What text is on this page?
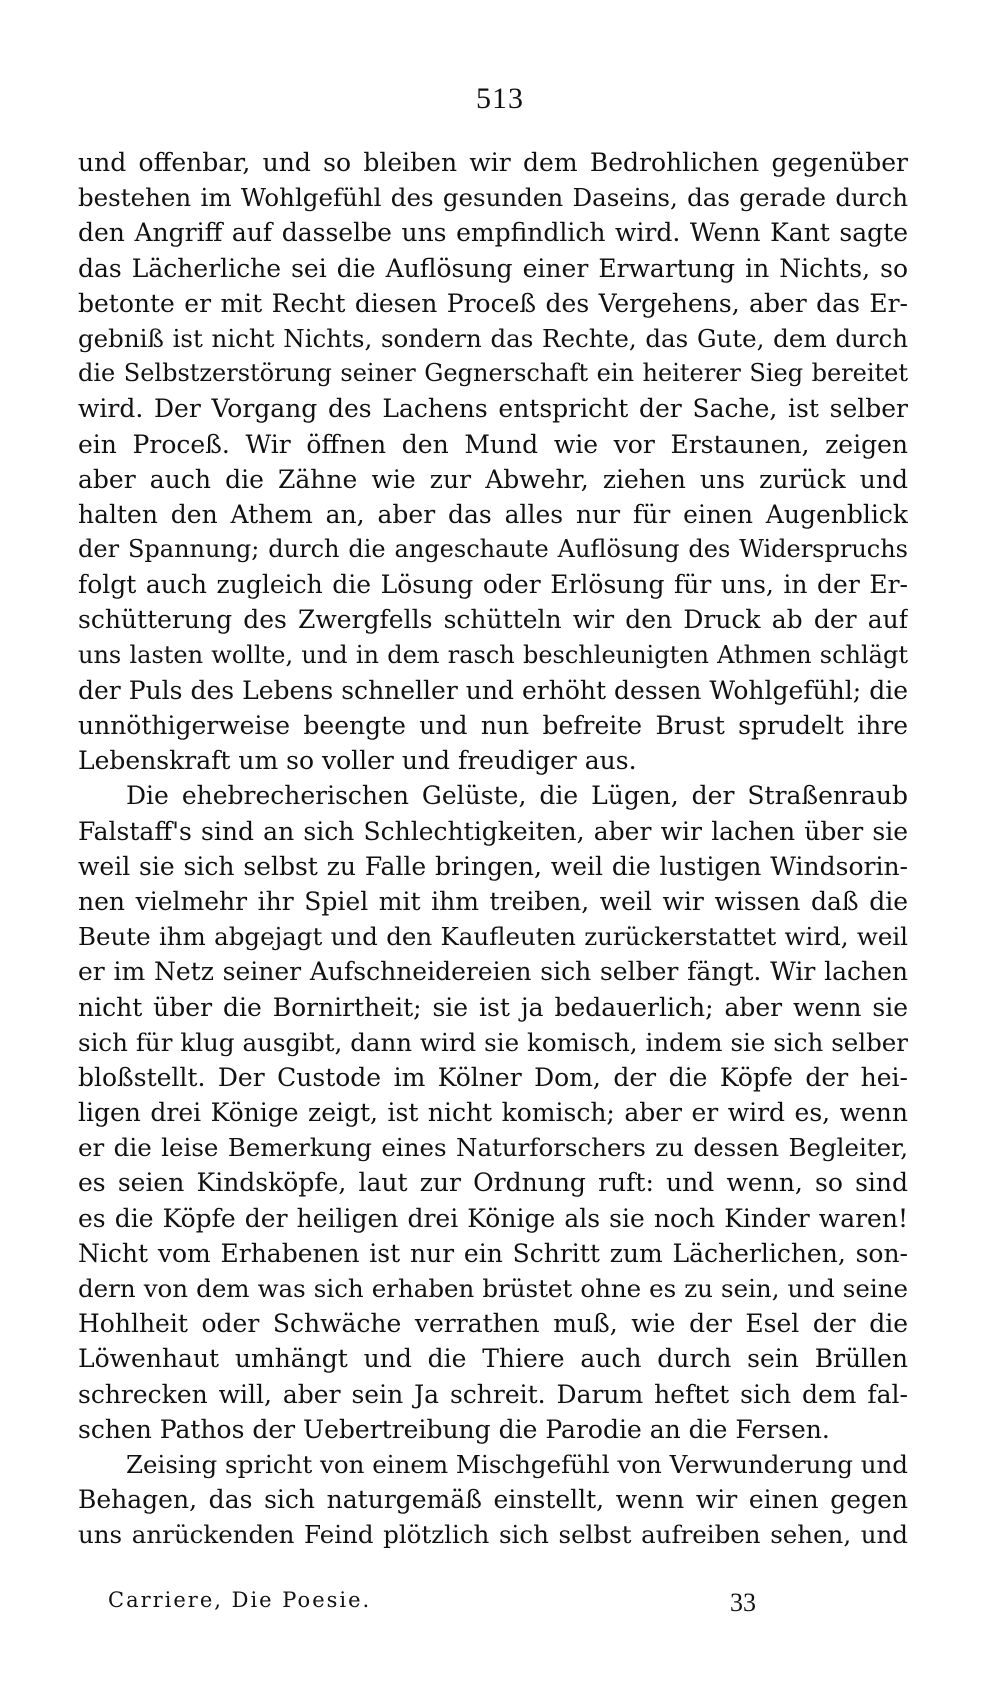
513
und offenbar, und so bleiben wir dem Bedrohlichen gegenüber
bestehen im Wohlgefühl des gesunden Daseins, das gerade durch
den Angriff auf dasselbe uns empfindlich wird. Wenn Kant sagte
das Lächerliche sei die Auflösung einer Erwartung in Nichts, so
betonte er mit Recht diesen Proceß des Vergehens, aber das Er-
gebniß ist nicht Nichts, sondern das Rechte, das Gute, dem durch
die Selbstzerstörung seiner Gegnerschaft ein heiterer Sieg bereitet
wird. Der Vorgang des Lachens entspricht der Sache, ist selber
ein Proceß. Wir öffnen den Mund wie vor Erstaunen, zeigen
aber auch die Zähne wie zur Abwehr, ziehen uns zurück und
halten den Athem an, aber das alles nur für einen Augenblick
der Spannung; durch die angeschaute Auflösung des Widerspruchs
folgt auch zugleich die Lösung oder Erlösung für uns, in der Er-
schütterung des Zwergfells schütteln wir den Druck ab der auf
uns lasten wollte, und in dem rasch beschleunigten Athmen schlägt
der Puls des Lebens schneller und erhöht dessen Wohlgefühl; die
unnöthigerweise beengte und nun befreite Brust sprudelt ihre
Lebenskraft um so voller und freudiger aus.
Die ehebrecherischen Gelüste, die Lügen, der Straßenraub
Falstaff's sind an sich Schlechtigkeiten, aber wir lachen über sie
weil sie sich selbst zu Falle bringen, weil die lustigen Windsorin-
nen vielmehr ihr Spiel mit ihm treiben, weil wir wissen daß die
Beute ihm abgejagt und den Kaufleuten zurückerstattet wird, weil
er im Netz seiner Aufschneidereien sich selber fängt. Wir lachen
nicht über die Bornirtheit; sie ist ja bedauerlich; aber wenn sie
sich für klug ausgibt, dann wird sie komisch, indem sie sich selber
bloßstellt. Der Custode im Kölner Dom, der die Köpfe der hei-
ligen drei Könige zeigt, ist nicht komisch; aber er wird es, wenn
er die leise Bemerkung eines Naturforschers zu dessen Begleiter,
es seien Kindsköpfe, laut zur Ordnung ruft: und wenn, so sind
es die Köpfe der heiligen drei Könige als sie noch Kinder waren!
Nicht vom Erhabenen ist nur ein Schritt zum Lächerlichen, son-
dern von dem was sich erhaben brüstet ohne es zu sein, und seine
Hohlheit oder Schwäche verrathen muß, wie der Esel der die
Löwenhaut umhängt und die Thiere auch durch sein Brüllen
schrecken will, aber sein Ja schreit. Darum heftet sich dem fal-
schen Pathos der Uebertreibung die Parodie an die Fersen.
Zeising spricht von einem Mischgefühl von Verwunderung und
Behagen, das sich naturgemäß einstellt, wenn wir einen gegen
uns anrückenden Feind plötzlich sich selbst aufreiben sehen, und
Carriere, Die Poesie.	33
